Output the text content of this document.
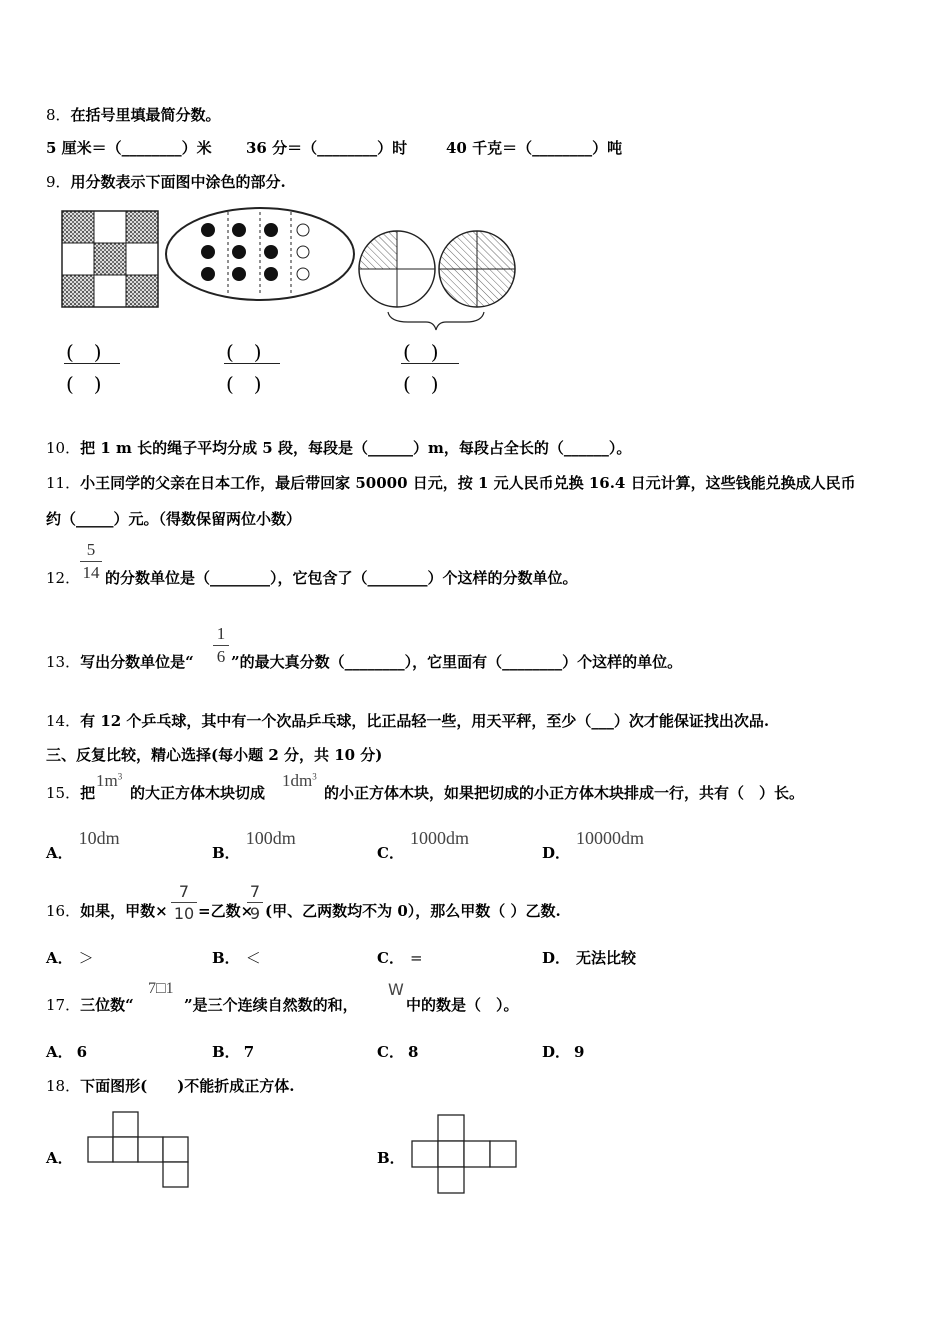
8．在括号里填最简分数。
5 厘米＝（________）米 36 分＝（________）时	40 千克＝（________）吨
9．用分数表示下面图中涂色的部分.
(　)
(　)
(　)
(　)
(　)
(　)
10．把 1 m 长的绳子平均分成 5 段，每段是（______）m，每段占全长的（______）。
11．小王同学的父亲在日本工作，最后带回家 50000 日元，按 1 元人民币兑换 16.4 日元计算，这些钱能兑换成人民币
约（_____）元。（得数保留两位小数）
12．
5
14 的分数单位是（________），它包含了（________）个这样的分数单位。
13．写出分数单位是“
1
6 ”的最大真分数（________），它里面有（________）个这样的单位。
14．有 12 个乒乓球，其中有一个次品乒乓球，比正品轻一些，用天平秤，至少（___）次才能保证找出次品.
三、反复比较，精心选择(每小题 2 分，共 10 分)
15．把
$1m^3$
的大正方体木块切成
$1dm^3$
的小正方体木块，如果把切成的小正方体木块排成一行，共有（　）长。
A．10dm
B．100dm
C．1000dm
D．10000dm
16．如果，甲数×
7
10 =乙数×
7
9 (甲、乙两数均不为 0），那么甲数（ ）乙数.
A． ＞	B． ＜	C． =	D． 无法比较
17．三位数“
7□1
”是三个连续自然数的和，
W
中的数是（　）。
A． 6	B． 7	C． 8	D． 9
18．下面图形(　　)不能折成正方体.
A．	B．
